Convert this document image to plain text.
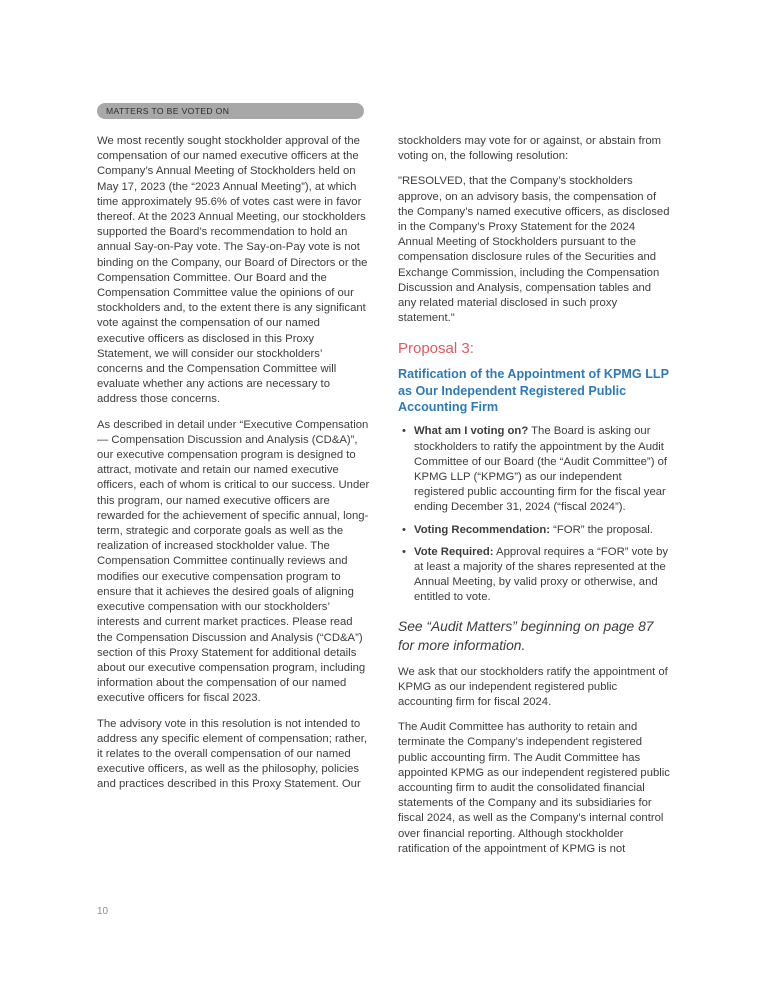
MATTERS TO BE VOTED ON

We most recently sought stockholder approval of the compensation of our named executive officers at the Company’s Annual Meeting of Stockholders held on May 17, 2023 (the “2023 Annual Meeting”), at which time approximately 95.6% of votes cast were in favor thereof. At the 2023 Annual Meeting, our stockholders supported the Board’s recommendation to hold an annual Say-on-Pay vote. The Say-on-Pay vote is not binding on the Company, our Board of Directors or the Compensation Committee. Our Board and the Compensation Committee value the opinions of our stockholders and, to the extent there is any significant vote against the compensation of our named executive officers as disclosed in this Proxy Statement, we will consider our stockholders’ concerns and the Compensation Committee will evaluate whether any actions are necessary to address those concerns.

As described in detail under “Executive Compensation — Compensation Discussion and Analysis (CD&A)”, our executive compensation program is designed to attract, motivate and retain our named executive officers, each of whom is critical to our success. Under this program, our named executive officers are rewarded for the achievement of specific annual, long-term, strategic and corporate goals as well as the realization of increased stockholder value. The Compensation Committee continually reviews and modifies our executive compensation program to ensure that it achieves the desired goals of aligning executive compensation with our stockholders’ interests and current market practices. Please read the Compensation Discussion and Analysis (“CD&A”) section of this Proxy Statement for additional details about our executive compensation program, including information about the compensation of our named executive officers for fiscal 2023.

The advisory vote in this resolution is not intended to address any specific element of compensation; rather, it relates to the overall compensation of our named executive officers, as well as the philosophy, policies and practices described in this Proxy Statement. Our

stockholders may vote for or against, or abstain from voting on, the following resolution:

"RESOLVED, that the Company’s stockholders approve, on an advisory basis, the compensation of the Company’s named executive officers, as disclosed in the Company’s Proxy Statement for the 2024 Annual Meeting of Stockholders pursuant to the compensation disclosure rules of the Securities and Exchange Commission, including the Compensation Discussion and Analysis, compensation tables and any related material disclosed in such proxy statement."

Proposal 3:
Ratification of the Appointment of KPMG LLP as Our Independent Registered Public Accounting Firm
• What am I voting on? The Board is asking our stockholders to ratify the appointment by the Audit Committee of our Board (the “Audit Committee”) of KPMG LLP (“KPMG”) as our independent registered public accounting firm for the fiscal year ending December 31, 2024 (“fiscal 2024”).
• Voting Recommendation: “FOR” the proposal.
• Vote Required: Approval requires a “FOR” vote by at least a majority of the shares represented at the Annual Meeting, by valid proxy or otherwise, and entitled to vote.
See “Audit Matters” beginning on page 87 for more information.

We ask that our stockholders ratify the appointment of KPMG as our independent registered public accounting firm for fiscal 2024.

The Audit Committee has authority to retain and terminate the Company’s independent registered public accounting firm. The Audit Committee has appointed KPMG as our independent registered public accounting firm to audit the consolidated financial statements of the Company and its subsidiaries for fiscal 2024, as well as the Company’s internal control over financial reporting. Although stockholder ratification of the appointment of KPMG is not

10
